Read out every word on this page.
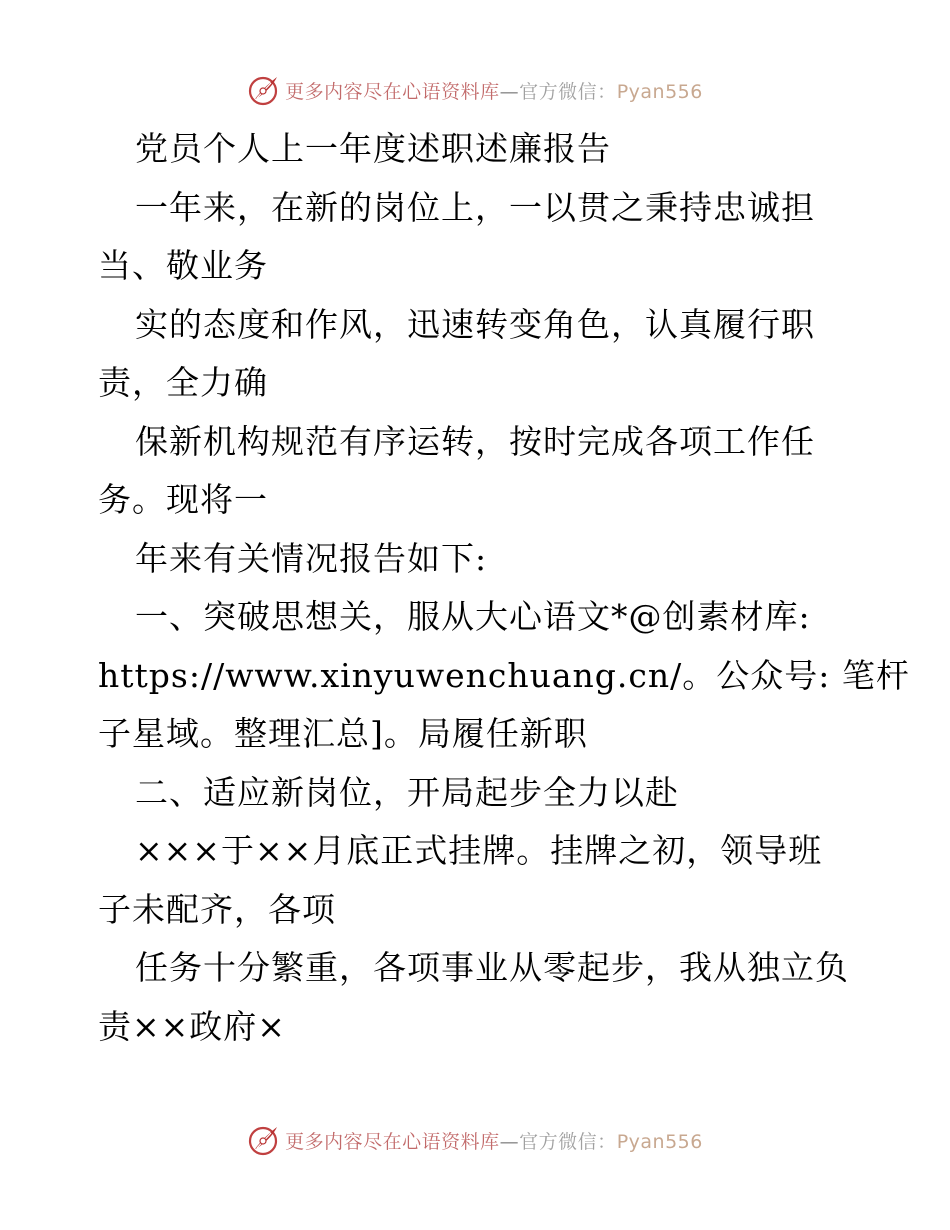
更多内容尽在心语资料库—官方微信：Pyan556
党员个人上一年度述职述廉报告
一年来，在新的岗位上，一以贯之秉持忠诚担
当、敬业务
实的态度和作风，迅速转变角色，认真履行职
责，全力确
保新机构规范有序运转，按时完成各项工作任
务。现将一
年来有关情况报告如下:
一、突破思想关，服从大心语文*@创素材库:
https://www.xinyuwenchuang.cn/。公众号: 笔杆
子星域。整理汇总]。局履任新职
二、适应新岗位，开局起步全力以赴
×××于××月底正式挂牌。挂牌之初，领导班
子未配齐，各项
任务十分繁重，各项事业从零起步，我从独立负
责××政府×
更多内容尽在心语资料库—官方微信：Pyan556
